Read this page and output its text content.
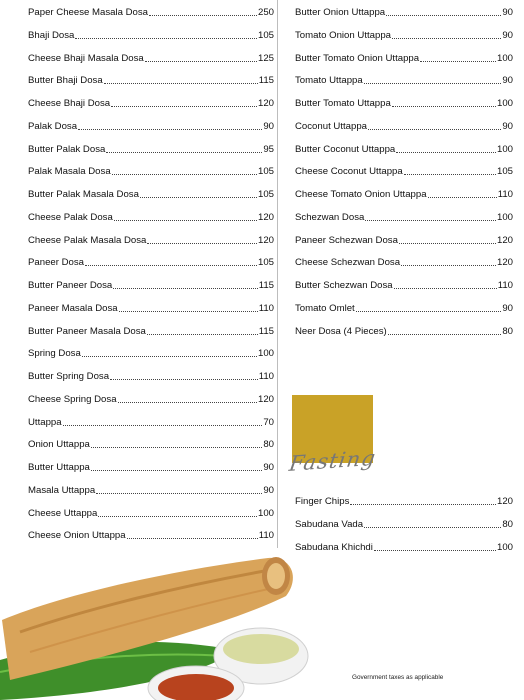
Paper Cheese Masala Dosa	250
Bhaji Dosa	105
Cheese Bhaji Masala Dosa	125
Butter Bhaji Dosa	115
Cheese Bhaji Dosa	120
Palak Dosa	90
Butter Palak Dosa	95
Palak Masala Dosa	105
Butter Palak Masala Dosa	105
Cheese Palak Dosa	120
Cheese Palak Masala Dosa	120
Paneer Dosa	105
Butter Paneer Dosa	115
Paneer Masala Dosa	110
Butter Paneer Masala Dosa	115
Spring Dosa	100
Butter Spring Dosa	110
Cheese Spring Dosa	120
Uttappa	70
Onion Uttappa	80
Butter Uttappa	90
Masala Uttappa	90
Cheese Uttappa	100
Cheese Onion Uttappa	110
Butter Onion Uttappa	90
Tomato Onion Uttappa	90
Butter Tomato Onion Uttappa	100
Tomato Uttappa	90
Butter Tomato Uttappa	100
Coconut Uttappa	90
Butter Coconut Uttappa	100
Cheese Coconut Uttappa	105
Cheese Tomato Onion Uttappa	110
Schezwan Dosa	100
Paneer Schezwan Dosa	120
Cheese Schezwan Dosa	120
Butter Schezwan Dosa	110
Tomato Omlet	90
Neer Dosa (4 Pieces)	80
Finger Chips	120
Sabudana Vada	80
Sabudana Khichdi	100
Fasting
Government taxes as applicable
